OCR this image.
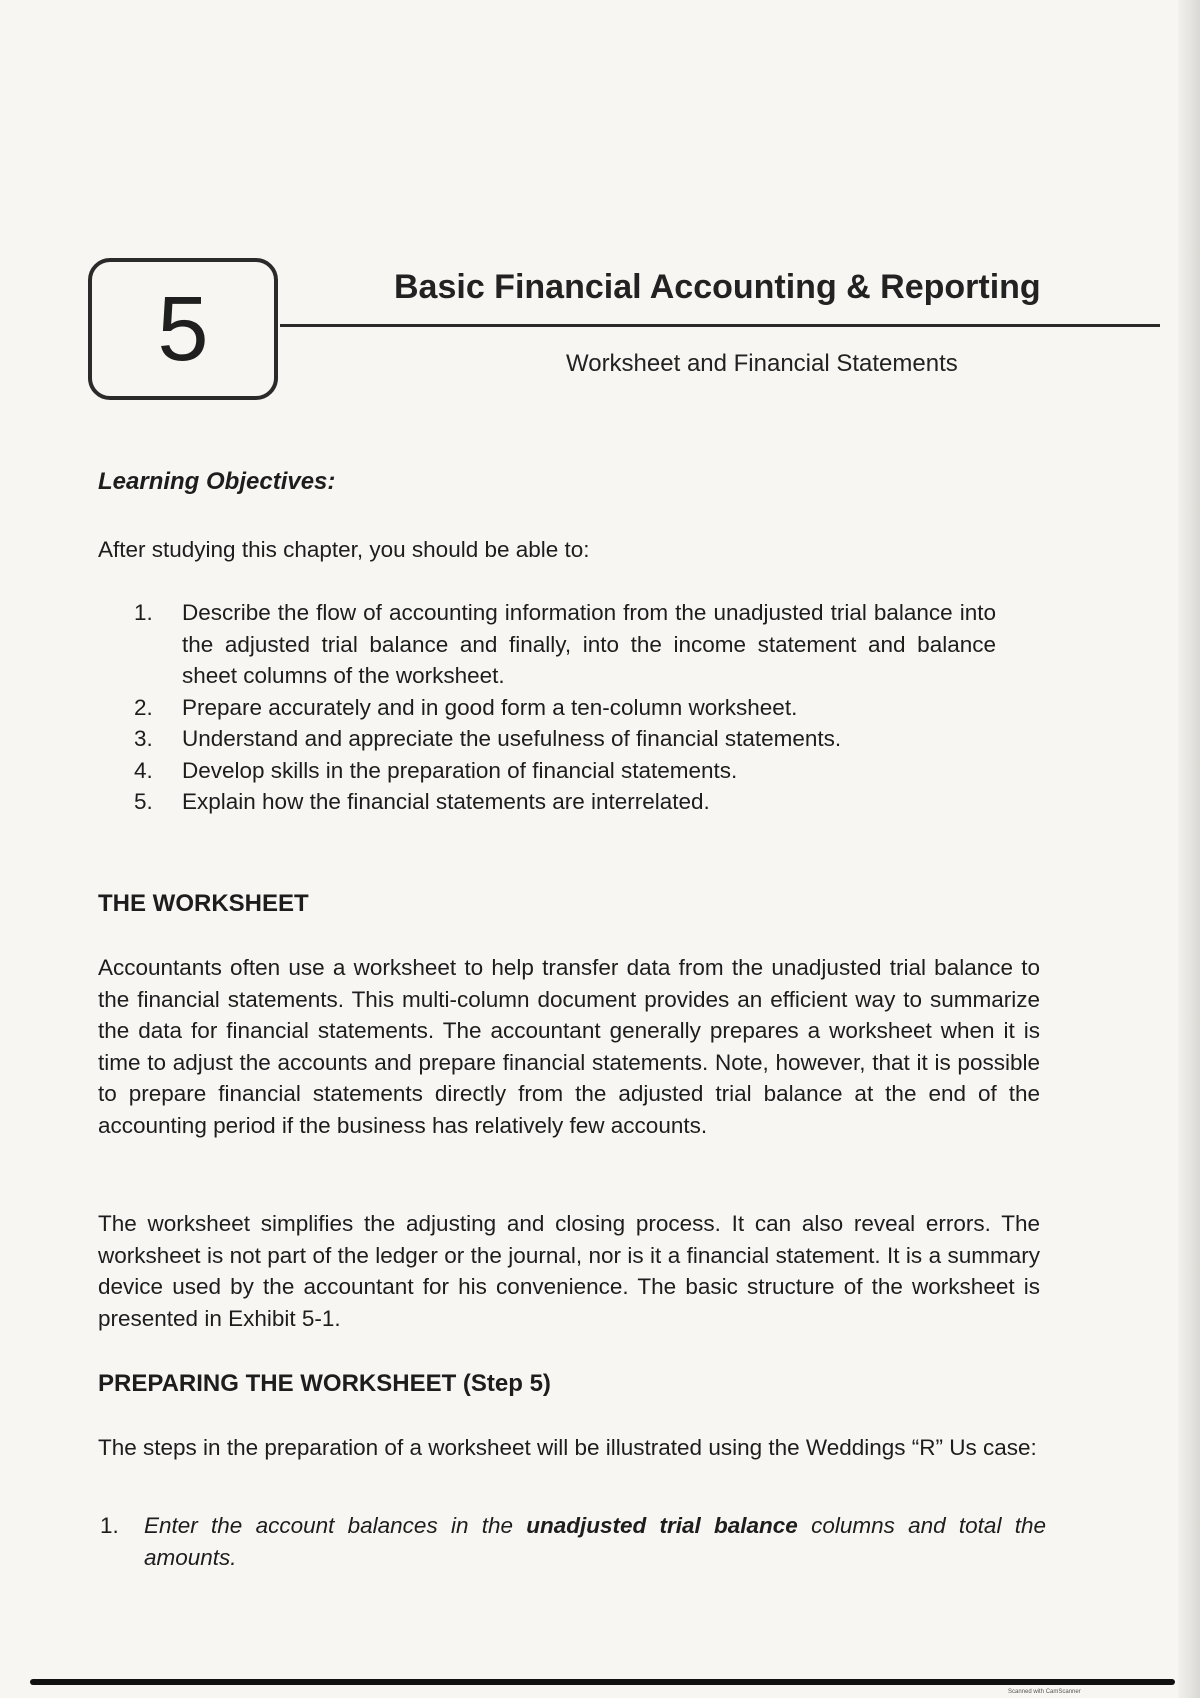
5	Basic Financial Accounting & Reporting
Worksheet and Financial Statements
Learning Objectives:
After studying this chapter, you should be able to:
1.	Describe the flow of accounting information from the unadjusted trial balance into the adjusted trial balance and finally, into the income statement and balance sheet columns of the worksheet.
2.	Prepare accurately and in good form a ten-column worksheet.
3.	Understand and appreciate the usefulness of financial statements.
4.	Develop skills in the preparation of financial statements.
5.	Explain how the financial statements are interrelated.
THE WORKSHEET
Accountants often use a worksheet to help transfer data from the unadjusted trial balance to the financial statements. This multi-column document provides an efficient way to summarize the data for financial statements. The accountant generally prepares a worksheet when it is time to adjust the accounts and prepare financial statements. Note, however, that it is possible to prepare financial statements directly from the adjusted trial balance at the end of the accounting period if the business has relatively few accounts.
The worksheet simplifies the adjusting and closing process. It can also reveal errors. The worksheet is not part of the ledger or the journal, nor is it a financial statement. It is a summary device used by the accountant for his convenience. The basic structure of the worksheet is presented in Exhibit 5-1.
PREPARING THE WORKSHEET (Step 5)
The steps in the preparation of a worksheet will be illustrated using the Weddings “R” Us case:
1.	Enter the account balances in the unadjusted trial balance columns and total the amounts.
Scanned with CamScanner
